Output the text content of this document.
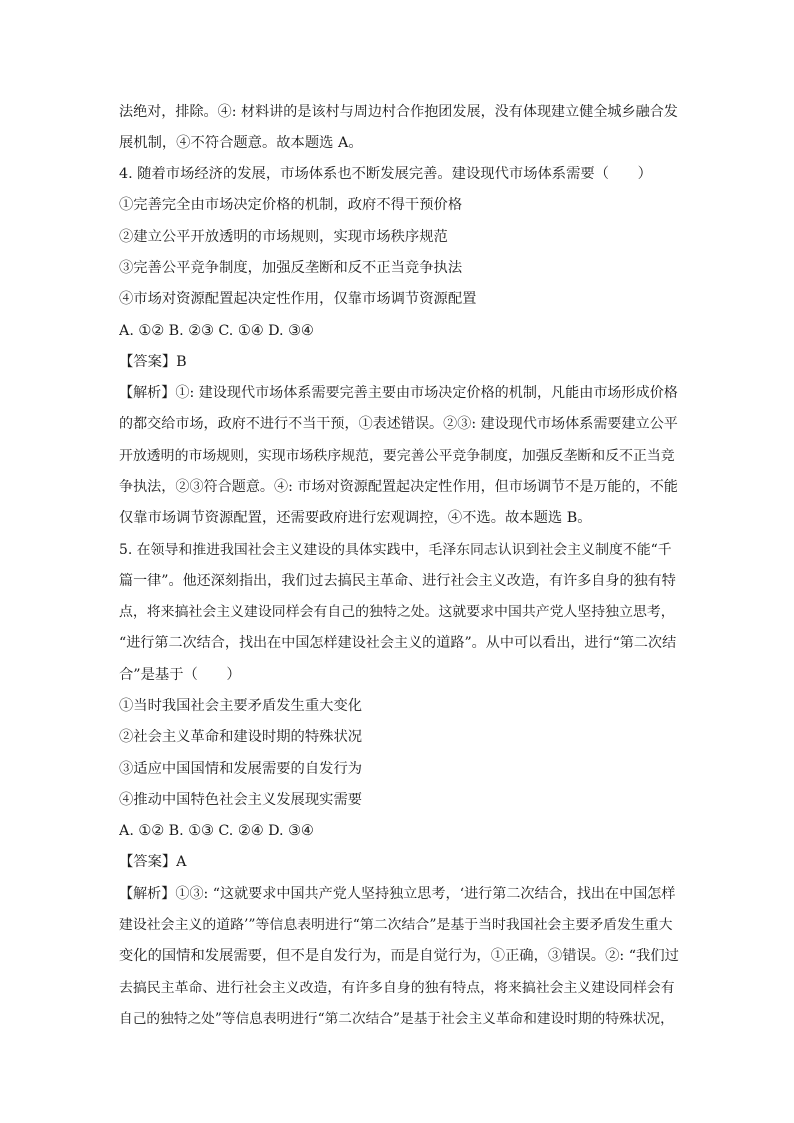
法绝对，排除。④: 材料讲的是该村与周边村合作抱团发展，没有体现建立健全城乡融合发
展机制，④不符合题意。故本题选 A。
4. 随着市场经济的发展，市场体系也不断发展完善。建设现代市场体系需要（　　）
①完善完全由市场决定价格的机制，政府不得干预价格
②建立公平开放透明的市场规则，实现市场秩序规范
③完善公平竞争制度，加强反垄断和反不正当竞争执法
④市场对资源配置起决定性作用，仅靠市场调节资源配置
A. ①② B. ②③ C. ①④ D. ③④
【答案】B
【解析】①: 建设现代市场体系需要完善主要由市场决定价格的机制，凡能由市场形成价格
的都交给市场，政府不进行不当干预，①表述错误。②③: 建设现代市场体系需要建立公平
开放透明的市场规则，实现市场秩序规范，要完善公平竞争制度，加强反垄断和反不正当竞
争执法，②③符合题意。④: 市场对资源配置起决定性作用，但市场调节不是万能的，不能
仅靠市场调节资源配置，还需要政府进行宏观调控，④不选。故本题选 B。
5. 在领导和推进我国社会主义建设的具体实践中，毛泽东同志认识到社会主义制度不能“千
篇一律”。他还深刻指出，我们过去搞民主革命、进行社会主义改造，有许多自身的独有特
点，将来搞社会主义建设同样会有自己的独特之处。这就要求中国共产党人坚持独立思考，
“进行第二次结合，找出在中国怎样建设社会主义的道路”。从中可以看出，进行“第二次结
合”是基于（　　）
①当时我国社会主要矛盾发生重大变化
②社会主义革命和建设时期的特殊状况
③适应中国国情和发展需要的自发行为
④推动中国特色社会主义发展现实需要
A. ①② B. ①③ C. ②④ D. ③④
【答案】A
【解析】①③: “这就要求中国共产党人坚持独立思考，‘进行第二次结合，找出在中国怎样
建设社会主义的道路’”等信息表明进行“第二次结合”是基于当时我国社会主要矛盾发生重大
变化的国情和发展需要，但不是自发行为，而是自觉行为，①正确，③错误。②: “我们过
去搞民主革命、进行社会主义改造，有许多自身的独有特点，将来搞社会主义建设同样会有
自己的独特之处”等信息表明进行“第二次结合”是基于社会主义革命和建设时期的特殊状况，
